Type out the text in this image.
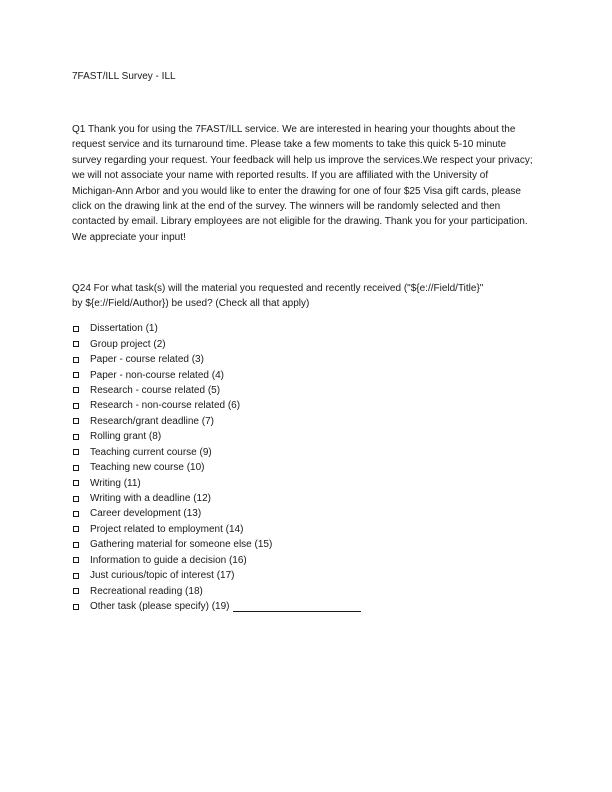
7FAST/ILL Survey - ILL
Q1 Thank you for using the 7FAST/ILL service. We are interested in hearing your thoughts about the
request service and its turnaround time. Please take a few moments to take this quick 5-10 minute
survey regarding your request. Your feedback will help us improve the services.We respect your privacy;
we will not associate your name with reported results. If you are affiliated with the University of
Michigan-Ann Arbor and you would like to enter the drawing for one of four $25 Visa gift cards, please
click on the drawing link at the end of the survey. The winners will be randomly selected and then
contacted by email. Library employees are not eligible for the drawing. Thank you for your participation.
We appreciate your input!
Q24 For what task(s) will the material you requested and recently received ("${e://Field/Title}"
by ${e://Field/Author}) be used? (Check all that apply)
Dissertation (1)
Group project (2)
Paper - course related (3)
Paper - non-course related (4)
Research - course related (5)
Research - non-course related (6)
Research/grant deadline (7)
Rolling grant (8)
Teaching current course (9)
Teaching new course (10)
Writing (11)
Writing with a deadline (12)
Career development (13)
Project related to employment (14)
Gathering material for someone else (15)
Information to guide a decision (16)
Just curious/topic of interest (17)
Recreational reading (18)
Other task (please specify) (19)
